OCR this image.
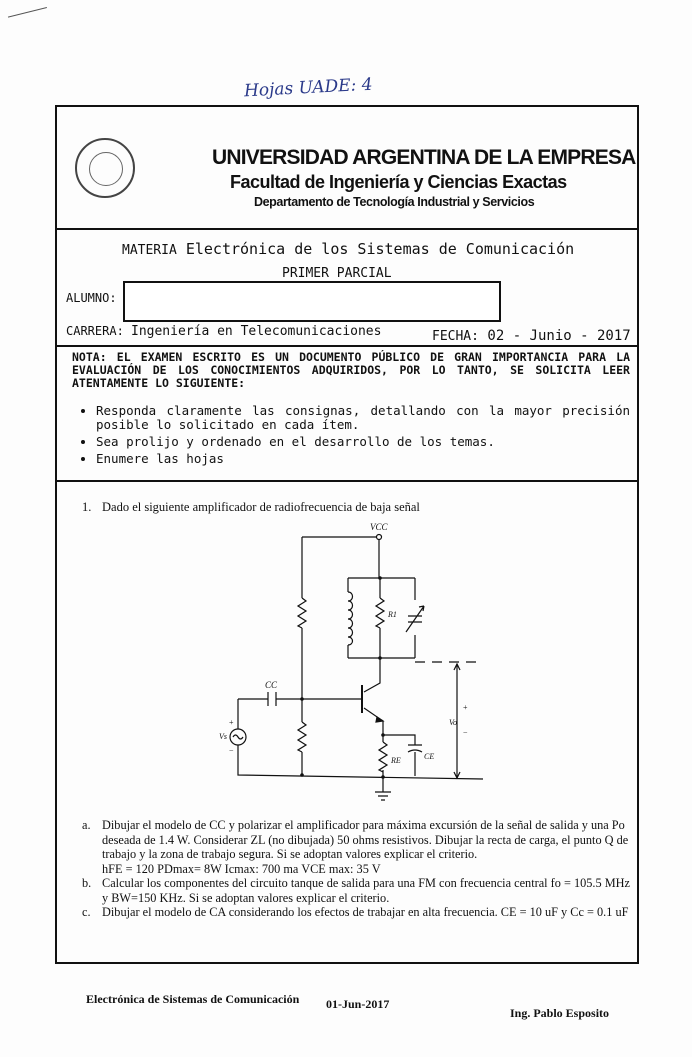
Hojas UADE: 4
UNIVERSIDAD ARGENTINA DE LA EMPRESA
Facultad de Ingeniería y Ciencias Exactas
Departamento de Tecnología Industrial y Servicios
MATERIA Electrónica de los Sistemas de Comunicación
PRIMER PARCIAL
ALUMNO:
CARRERA: Ingeniería en Telecomunicaciones	FECHA: 02 - Junio - 2017
NOTA: EL EXAMEN ESCRITO ES UN DOCUMENTO PÚBLICO DE GRAN IMPORTANCIA PARA LA EVALUACIÓN DE LOS CONOCIMIENTOS ADQUIRIDOS, POR LO TANTO, SE SOLICITA LEER ATENTAMENTE LO SIGUIENTE:
• Responda claramente las consignas, detallando con la mayor precisión posible lo solicitado en cada ítem.
• Sea prolijo y ordenado en el desarrollo de los temas.
• Enumere las hojas
1. Dado el siguiente amplificador de radiofrecuencia de baja señal
VCC
CC
R1
RE	CE
Vs
+
−
Vo
+
−
a. Dibujar el modelo de CC y polarizar el amplificador para máxima excursión de la señal de salida y una Po deseada de 1.4 W. Considerar ZL (no dibujada) 50 ohms resistivos. Dibujar la recta de carga, el punto Q de trabajo y la zona de trabajo segura. Si se adoptan valores explicar el criterio.
hFE = 120 PDmax= 8W Icmax: 700 ma VCE max: 35 V
b. Calcular los componentes del circuito tanque de salida para una FM con frecuencia central fo = 105.5 MHz y BW=150 KHz. Si se adoptan valores explicar el criterio.
c. Dibujar el modelo de CA considerando los efectos de trabajar en alta frecuencia. CE = 10 uF y Cc = 0.1 uF
Electrónica de Sistemas de Comunicación 01-Jun-2017
Ing. Pablo Esposito
